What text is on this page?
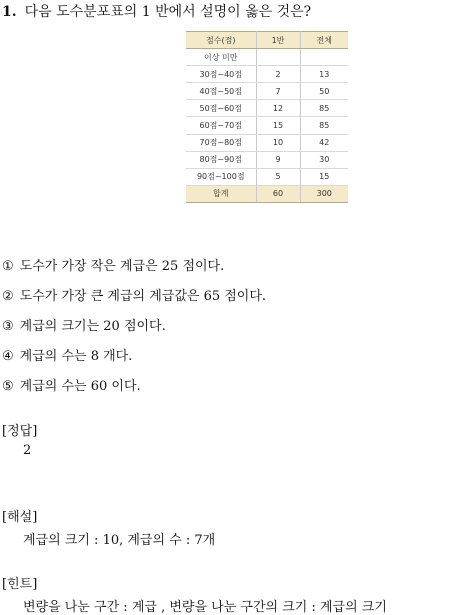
1. 다음 도수분포표의 1 반에서 설명이 옳은 것은?
점수(점)	1반	전체
이상 미만		
30점~40점	2	13
40점~50점	7	50
50점~60점	12	85
60점~70점	15	85
70점~80점	10	42
80점~90점	9	30
90점~100점	5	15
합계	60	300
① 도수가 가장 작은 계급은 25 점이다.
② 도수가 가장 큰 계급의 계급값은 65 점이다.
③ 계급의 크기는 20 점이다.
④ 계급의 수는 8 개다.
⑤ 계급의 수는 60 이다.
[정답]
2
[해설]
계급의 크기 : 10, 계급의 수 : 7개
[힌트]
변량을 나눈 구간 : 계급 , 변량을 나눈 구간의 크기 : 계급의 크기
